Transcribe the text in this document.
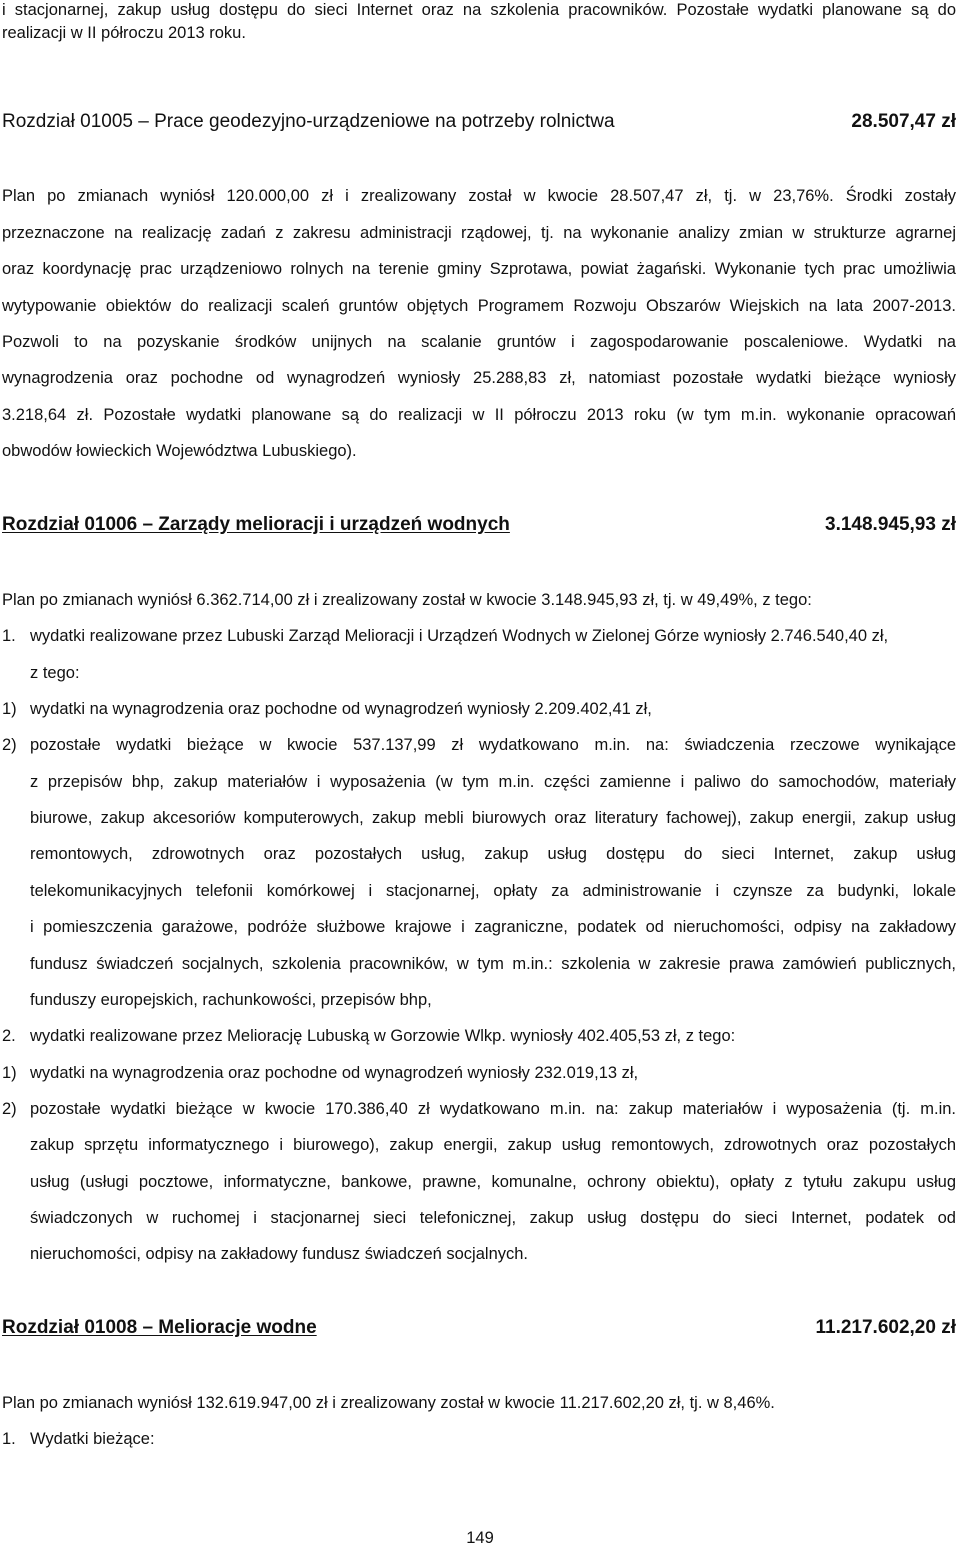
i stacjonarnej, zakup usług dostępu do sieci Internet oraz na szkolenia pracowników. Pozostałe wydatki planowane są do
realizacji w II półroczu 2013 roku.
Rozdział 01005 – Prace geodezyjno-urządzeniowe na potrzeby rolnictwa	28.507,47 zł
Plan po zmianach wyniósł 120.000,00 zł i zrealizowany został w kwocie 28.507,47 zł, tj. w 23,76%. Środki zostały
przeznaczone na realizację zadań z zakresu administracji rządowej, tj. na wykonanie analizy zmian w strukturze agrarnej
oraz koordynację prac urządzeniowo rolnych na terenie gminy Szprotawa, powiat żagański. Wykonanie tych prac umożliwia
wytypowanie obiektów do realizacji scaleń gruntów objętych Programem Rozwoju Obszarów Wiejskich na lata 2007-2013.
Pozwoli to na pozyskanie środków unijnych na scalanie gruntów i zagospodarowanie poscaleniowe. Wydatki na
wynagrodzenia oraz pochodne od wynagrodzeń wyniosły 25.288,83 zł, natomiast pozostałe wydatki bieżące wyniosły
3.218,64 zł. Pozostałe wydatki planowane są do realizacji w II półroczu 2013 roku (w tym m.in. wykonanie opracowań
obwodów łowieckich Województwa Lubuskiego).
Rozdział 01006 – Zarządy melioracji i urządzeń wodnych	3.148.945,93 zł
Plan po zmianach wyniósł 6.362.714,00 zł i zrealizowany został w kwocie 3.148.945,93 zł, tj. w 49,49%, z tego:
1. wydatki realizowane przez Lubuski Zarząd Melioracji i Urządzeń Wodnych w Zielonej Górze wyniosły 2.746.540,40 zł,
z tego:
1) wydatki na wynagrodzenia oraz pochodne od wynagrodzeń wyniosły 2.209.402,41 zł,
2) pozostałe wydatki bieżące w kwocie 537.137,99 zł wydatkowano m.in. na: świadczenia rzeczowe wynikające
z przepisów bhp, zakup materiałów i wyposażenia (w tym m.in. części zamienne i paliwo do samochodów, materiały
biurowe, zakup akcesoriów komputerowych, zakup mebli biurowych oraz literatury fachowej), zakup energii, zakup usług
remontowych, zdrowotnych oraz pozostałych usług, zakup usług dostępu do sieci Internet, zakup usług
telekomunikacyjnych telefonii komórkowej i stacjonarnej, opłaty za administrowanie i czynsze za budynki, lokale
i pomieszczenia garażowe, podróże służbowe krajowe i zagraniczne, podatek od nieruchomości, odpisy na zakładowy
fundusz świadczeń socjalnych, szkolenia pracowników, w tym m.in.: szkolenia w zakresie prawa zamówień publicznych,
funduszy europejskich, rachunkowości, przepisów bhp,
2. wydatki realizowane przez Meliorację Lubuską w Gorzowie Wlkp. wyniosły 402.405,53 zł, z tego:
1) wydatki na wynagrodzenia oraz pochodne od wynagrodzeń wyniosły 232.019,13 zł,
2) pozostałe wydatki bieżące w kwocie 170.386,40 zł wydatkowano m.in. na: zakup materiałów i wyposażenia (tj. m.in.
zakup sprzętu informatycznego i biurowego), zakup energii, zakup usług remontowych, zdrowotnych oraz pozostałych
usług (usługi pocztowe, informatyczne, bankowe, prawne, komunalne, ochrony obiektu), opłaty z tytułu zakupu usług
świadczonych w ruchomej i stacjonarnej sieci telefonicznej, zakup usług dostępu do sieci Internet, podatek od
nieruchomości, odpisy na zakładowy fundusz świadczeń socjalnych.
Rozdział 01008 – Melioracje wodne	11.217.602,20 zł
Plan po zmianach wyniósł 132.619.947,00 zł i zrealizowany został w kwocie 11.217.602,20 zł, tj. w 8,46%.
1. Wydatki bieżące:
149
